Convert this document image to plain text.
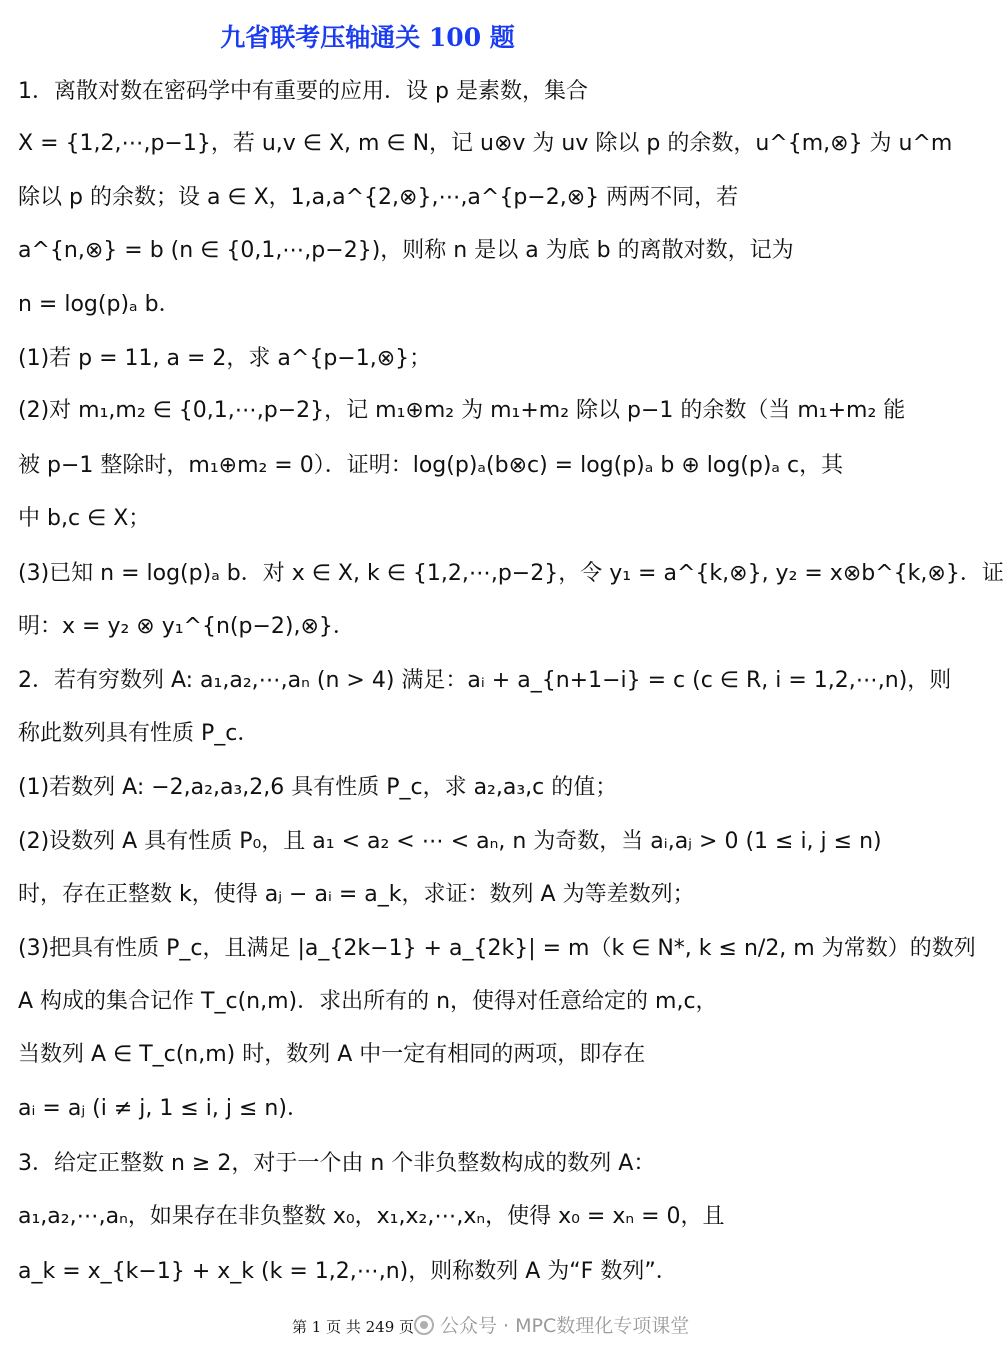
九省联考压轴通关 100 题
1．离散对数在密码学中有重要的应用．设 p 是素数，集合
X = {1,2,⋯,p−1}，若 u,v ∈ X, m ∈ N，记 u⊗v 为 uv 除以 p 的余数，u^{m,⊗} 为 u^m
除以 p 的余数；设 a ∈ X，1,a,a^{2,⊗},⋯,a^{p−2,⊗} 两两不同，若
a^{n,⊗} = b (n ∈ {0,1,⋯,p−2})，则称 n 是以 a 为底 b 的离散对数，记为
n = log(p)ₐ b．
(1)若 p = 11, a = 2，求 a^{p−1,⊗}；
(2)对 m₁,m₂ ∈ {0,1,⋯,p−2}，记 m₁⊕m₂ 为 m₁+m₂ 除以 p−1 的余数（当 m₁+m₂ 能
被 p−1 整除时，m₁⊕m₂ = 0）．证明：log(p)ₐ(b⊗c) = log(p)ₐ b ⊕ log(p)ₐ c，其
中 b,c ∈ X；
(3)已知 n = log(p)ₐ b．对 x ∈ X, k ∈ {1,2,⋯,p−2}，令 y₁ = a^{k,⊗}, y₂ = x⊗b^{k,⊗}．证
明：x = y₂ ⊗ y₁^{n(p−2),⊗}．
2．若有穷数列 A: a₁,a₂,⋯,aₙ (n > 4) 满足：aᵢ + a_{n+1−i} = c (c ∈ R, i = 1,2,⋯,n)，则
称此数列具有性质 P_c．
(1)若数列 A: −2,a₂,a₃,2,6 具有性质 P_c，求 a₂,a₃,c 的值；
(2)设数列 A 具有性质 P₀，且 a₁ < a₂ < ⋯ < aₙ, n 为奇数，当 aᵢ,aⱼ > 0 (1 ≤ i, j ≤ n)
时，存在正整数 k，使得 aⱼ − aᵢ = a_k，求证：数列 A 为等差数列；
(3)把具有性质 P_c，且满足 |a_{2k−1} + a_{2k}| = m（k ∈ N*, k ≤ n/2, m 为常数）的数列
A 构成的集合记作 T_c(n,m)．求出所有的 n，使得对任意给定的 m,c，
当数列 A ∈ T_c(n,m) 时，数列 A 中一定有相同的两项，即存在
aᵢ = aⱼ (i ≠ j, 1 ≤ i, j ≤ n)．
3．给定正整数 n ≥ 2，对于一个由 n 个非负整数构成的数列 A：
a₁,a₂,⋯,aₙ，如果存在非负整数 x₀，x₁,x₂,⋯,xₙ，使得 x₀ = xₙ = 0，且
a_k = x_{k−1} + x_k (k = 1,2,⋯,n)，则称数列 A 为“F 数列”．
第 1 页 共 249 页 公众号 · MPC数理化专项课堂
